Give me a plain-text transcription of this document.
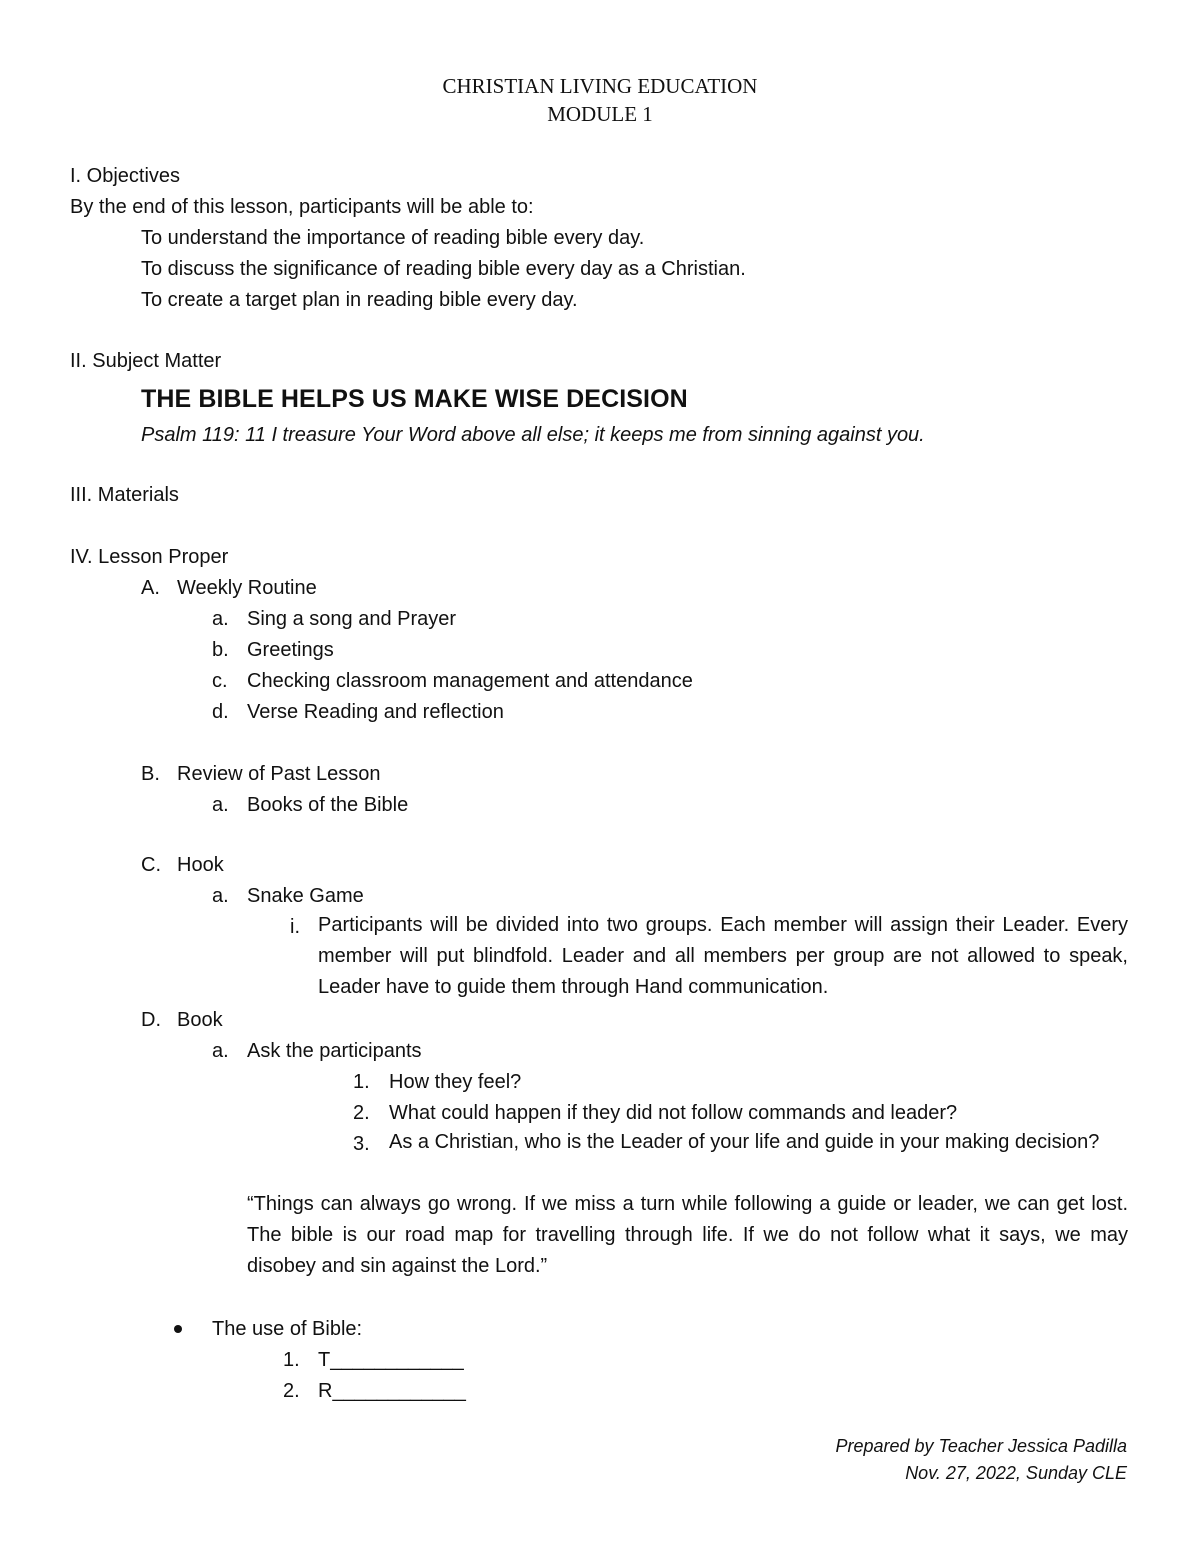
CHRISTIAN LIVING EDUCATION
MODULE 1
I. Objectives
By the end of this lesson, participants will be able to:
To understand the importance of reading bible every day.
To discuss the significance of reading bible every day as a Christian.
To create a target plan in reading bible every day.
II. Subject Matter
THE BIBLE HELPS US MAKE WISE DECISION
Psalm 119: 11 I treasure Your Word above all else; it keeps me from sinning against you.
III. Materials
IV. Lesson Proper
A. Weekly Routine
a. Sing a song and Prayer
b. Greetings
c. Checking classroom management and attendance
d. Verse Reading and reflection
B. Review of Past Lesson
a. Books of the Bible
C. Hook
a. Snake Game
i. Participants will be divided into two groups. Each member will assign their Leader. Every member will put blindfold. Leader and all members per group are not allowed to speak, Leader have to guide them through Hand communication.
D. Book
a. Ask the participants
1. How they feel?
2. What could happen if they did not follow commands and leader?
3. As a Christian, who is the Leader of your life and guide in your making decision?
“Things can always go wrong. If we miss a turn while following a guide or leader, we can get lost. The bible is our road map for travelling through life. If we do not follow what it says, we may disobey and sin against the Lord.”
The use of Bible:
1. T____________
2. R____________
Prepared by Teacher Jessica Padilla
Nov. 27, 2022, Sunday CLE
